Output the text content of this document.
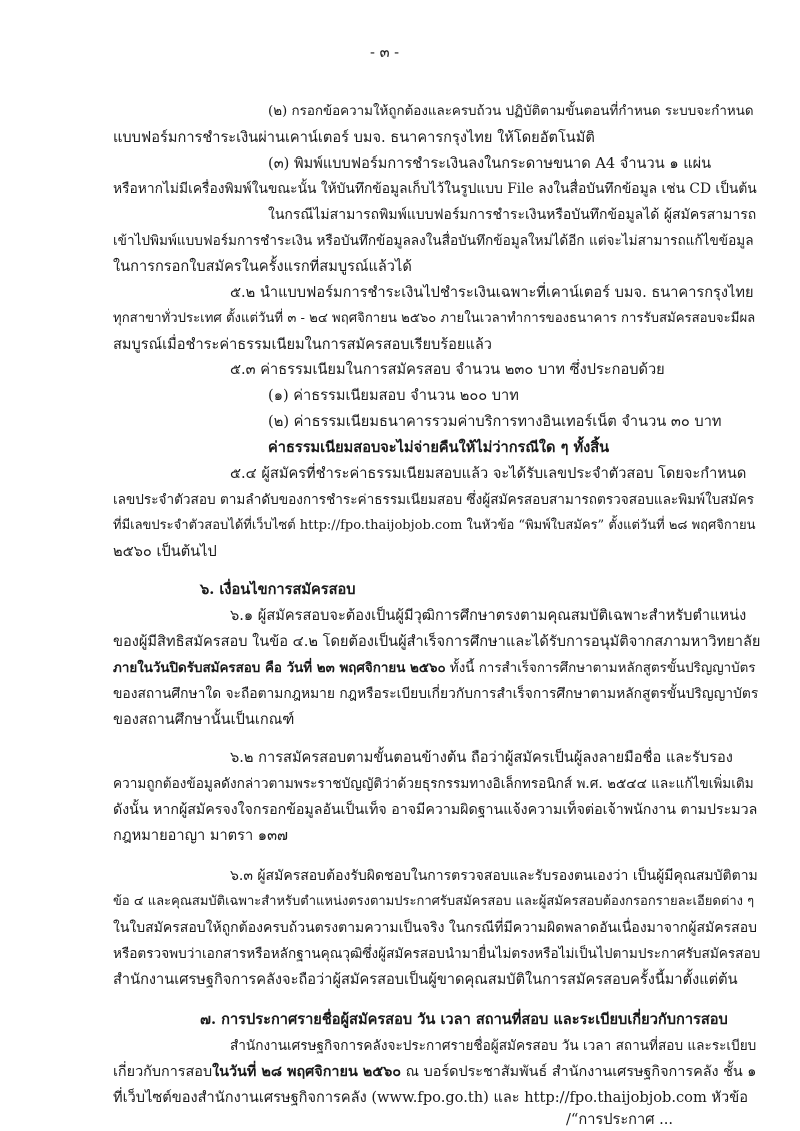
- ๓ -
(๒) กรอกข้อความให้ถูกต้องและครบถ้วน ปฏิบัติตามขั้นตอนที่กำหนด ระบบจะกำหนด
แบบฟอร์มการชำระเงินผ่านเคาน์เตอร์ บมจ. ธนาคารกรุงไทย ให้โดยอัตโนมัติ
(๓) พิมพ์แบบฟอร์มการชำระเงินลงในกระดาษขนาด A4 จำนวน ๑ แผ่น
หรือหากไม่มีเครื่องพิมพ์ในขณะนั้น ให้บันทึกข้อมูลเก็บไว้ในรูปแบบ File ลงในสื่อบันทึกข้อมูล เช่น CD เป็นต้น
ในกรณีไม่สามารถพิมพ์แบบฟอร์มการชำระเงินหรือบันทึกข้อมูลได้ ผู้สมัครสามารถ
เข้าไปพิมพ์แบบฟอร์มการชำระเงิน หรือบันทึกข้อมูลลงในสื่อบันทึกข้อมูลใหม่ได้อีก แต่จะไม่สามารถแก้ไขข้อมูล
ในการกรอกใบสมัครในครั้งแรกที่สมบูรณ์แล้วได้
๕.๒ นำแบบฟอร์มการชำระเงินไปชำระเงินเฉพาะที่เคาน์เตอร์ บมจ. ธนาคารกรุงไทย
ทุกสาขาทั่วประเทศ ตั้งแต่วันที่ ๓ - ๒๔ พฤศจิกายน ๒๕๖๐ ภายในเวลาทำการของธนาคาร การรับสมัครสอบจะมีผล
สมบูรณ์เมื่อชำระค่าธรรมเนียมในการสมัครสอบเรียบร้อยแล้ว
๕.๓ ค่าธรรมเนียมในการสมัครสอบ จำนวน ๒๓๐ บาท ซึ่งประกอบด้วย
(๑) ค่าธรรมเนียมสอบ จำนวน ๒๐๐ บาท
(๒) ค่าธรรมเนียมธนาคารรวมค่าบริการทางอินเทอร์เน็ต จำนวน ๓๐ บาท
ค่าธรรมเนียมสอบจะไม่จ่ายคืนให้ไม่ว่ากรณีใด ๆ ทั้งสิ้น
๕.๔ ผู้สมัครที่ชำระค่าธรรมเนียมสอบแล้ว จะได้รับเลขประจำตัวสอบ โดยจะกำหนด
เลขประจำตัวสอบ ตามลำดับของการชำระค่าธรรมเนียมสอบ ซึ่งผู้สมัครสอบสามารถตรวจสอบและพิมพ์ใบสมัคร
ที่มีเลขประจำตัวสอบได้ที่เว็บไซต์ http://fpo.thaijobjob.com ในหัวข้อ “พิมพ์ใบสมัคร” ตั้งแต่วันที่ ๒๘ พฤศจิกายน
๒๕๖๐ เป็นต้นไป
๖. เงื่อนไขการสมัครสอบ
๖.๑ ผู้สมัครสอบจะต้องเป็นผู้มีวุฒิการศึกษาตรงตามคุณสมบัติเฉพาะสำหรับตำแหน่ง
ของผู้มีสิทธิสมัครสอบ ในข้อ ๔.๒ โดยต้องเป็นผู้สำเร็จการศึกษาและได้รับการอนุมัติจากสภามหาวิทยาลัย
ภายในวันปิดรับสมัครสอบ คือ วันที่ ๒๓ พฤศจิกายน ๒๕๖๐ ทั้งนี้ การสำเร็จการศึกษาตามหลักสูตรขั้นปริญญาบัตร
ของสถานศึกษาใด จะถือตามกฎหมาย กฎหรือระเบียบเกี่ยวกับการสำเร็จการศึกษาตามหลักสูตรขั้นปริญญาบัตร
ของสถานศึกษานั้นเป็นเกณฑ์
๖.๒ การสมัครสอบตามขั้นตอนข้างต้น ถือว่าผู้สมัครเป็นผู้ลงลายมือชื่อ และรับรอง
ความถูกต้องข้อมูลดังกล่าวตามพระราชบัญญัติว่าด้วยธุรกรรมทางอิเล็กทรอนิกส์ พ.ศ. ๒๕๔๔ และแก้ไขเพิ่มเติม
ดังนั้น หากผู้สมัครจงใจกรอกข้อมูลอันเป็นเท็จ อาจมีความผิดฐานแจ้งความเท็จต่อเจ้าพนักงาน ตามประมวล
กฎหมายอาญา มาตรา ๑๓๗
๖.๓ ผู้สมัครสอบต้องรับผิดชอบในการตรวจสอบและรับรองตนเองว่า เป็นผู้มีคุณสมบัติตาม
ข้อ ๔ และคุณสมบัติเฉพาะสำหรับตำแหน่งตรงตามประกาศรับสมัครสอบ และผู้สมัครสอบต้องกรอกรายละเอียดต่าง ๆ
ในใบสมัครสอบให้ถูกต้องครบถ้วนตรงตามความเป็นจริง ในกรณีที่มีความผิดพลาดอันเนื่องมาจากผู้สมัครสอบ
หรือตรวจพบว่าเอกสารหรือหลักฐานคุณวุฒิซึ่งผู้สมัครสอบนำมายื่นไม่ตรงหรือไม่เป็นไปตามประกาศรับสมัครสอบ
สำนักงานเศรษฐกิจการคลังจะถือว่าผู้สมัครสอบเป็นผู้ขาดคุณสมบัติในการสมัครสอบครั้งนี้มาตั้งแต่ต้น
๗. การประกาศรายชื่อผู้สมัครสอบ วัน เวลา สถานที่สอบ และระเบียบเกี่ยวกับการสอบ
สำนักงานเศรษฐกิจการคลังจะประกาศรายชื่อผู้สมัครสอบ วัน เวลา สถานที่สอบ และระเบียบ
เกี่ยวกับการสอบในวันที่ ๒๘ พฤศจิกายน ๒๕๖๐ ณ บอร์ดประชาสัมพันธ์ สำนักงานเศรษฐกิจการคลัง ชั้น ๑
ที่เว็บไซต์ของสำนักงานเศรษฐกิจการคลัง (www.fpo.go.th) และ http://fpo.thaijobjob.com หัวข้อ
/“การประกาศ ...
